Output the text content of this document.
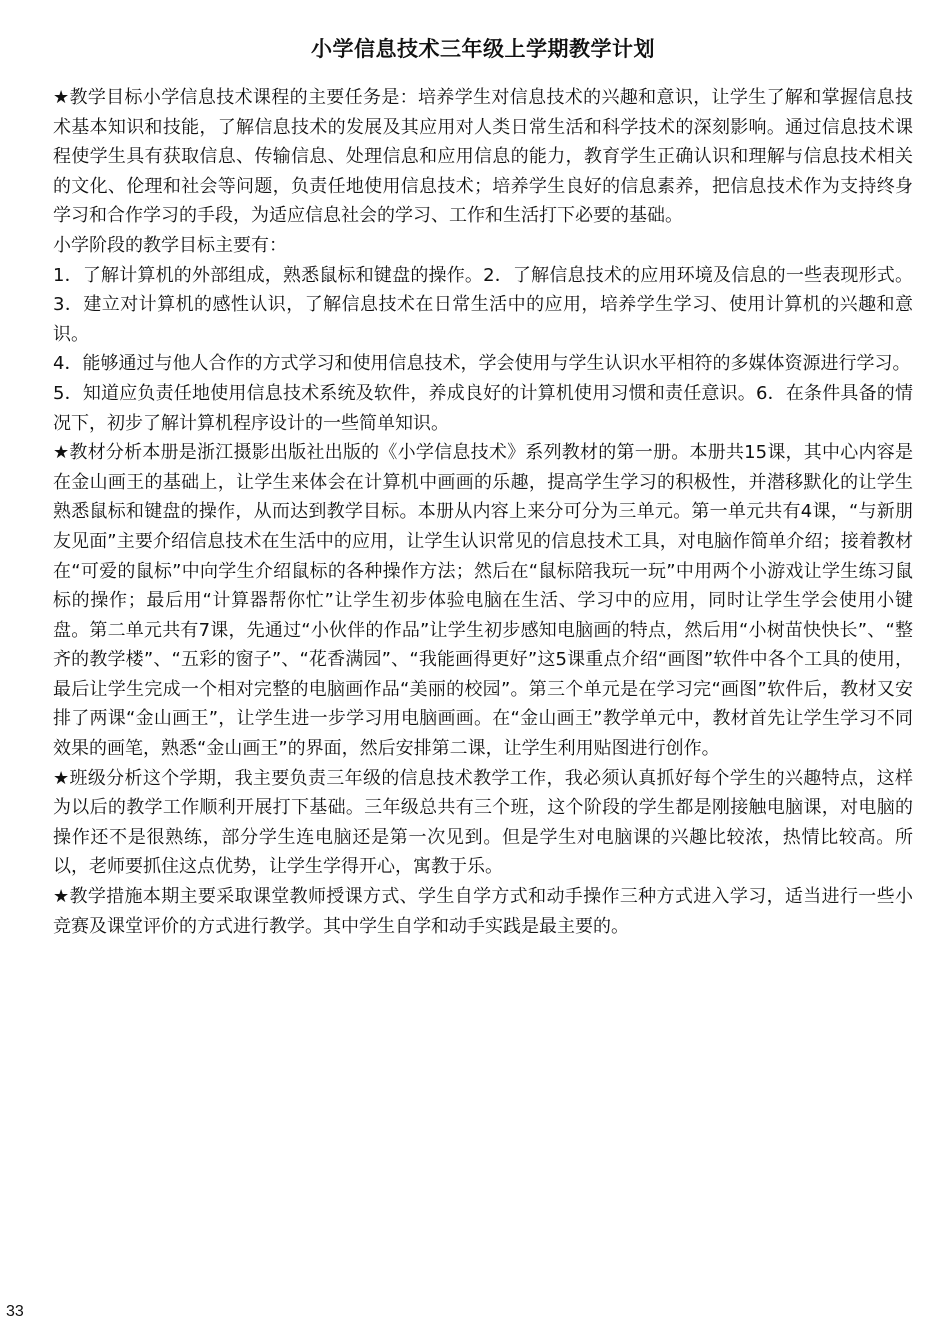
小学信息技术三年级上学期教学计划

★教学目标小学信息技术课程的主要任务是：培养学生对信息技术的兴趣和意识，让学生了解和掌握信息技术基本知识和技能，了解信息技术的发展及其应用对人类日常生活和科学技术的深刻影响。通过信息技术课程使学生具有获取信息、传输信息、处理信息和应用信息的能力，教育学生正确认识和理解与信息技术相关的文化、伦理和社会等问题，负责任地使用信息技术；培养学生良好的信息素养，把信息技术作为支持终身学习和合作学习的手段，为适应信息社会的学习、工作和生活打下必要的基础。

小学阶段的教学目标主要有：

1．了解计算机的外部组成，熟悉鼠标和键盘的操作。2．了解信息技术的应用环境及信息的一些表现形式。3．建立对计算机的感性认识，了解信息技术在日常生活中的应用，培养学生学习、使用计算机的兴趣和意识。

4．能够通过与他人合作的方式学习和使用信息技术，学会使用与学生认识水平相符的多媒体资源进行学习。

5．知道应负责任地使用信息技术系统及软件，养成良好的计算机使用习惯和责任意识。6．在条件具备的情况下，初步了解计算机程序设计的一些简单知识。

★教材分析本册是浙江摄影出版社出版的《小学信息技术》系列教材的第一册。本册共15课，其中心内容是在金山画王的基础上，让学生来体会在计算机中画画的乐趣，提高学生学习的积极性，并潜移默化的让学生熟悉鼠标和键盘的操作，从而达到教学目标。本册从内容上来分可分为三单元。第一单元共有4课，“与新朋友见面”主要介绍信息技术在生活中的应用，让学生认识常见的信息技术工具，对电脑作简单介绍；接着教材在“可爱的鼠标”中向学生介绍鼠标的各种操作方法；然后在“鼠标陪我玩一玩”中用两个小游戏让学生练习鼠标的操作；最后用“计算器帮你忙”让学生初步体验电脑在生活、学习中的应用，同时让学生学会使用小键盘。第二单元共有7课，先通过“小伙伴的作品”让学生初步感知电脑画的特点，然后用“小树苗快快长”、“整齐的教学楼”、“五彩的窗子”、“花香满园”、“我能画得更好”这5课重点介绍“画图”软件中各个工具的使用，最后让学生完成一个相对完整的电脑画作品“美丽的校园”。第三个单元是在学习完“画图”软件后，教材又安排了两课“金山画王”，让学生进一步学习用电脑画画。在“金山画王”教学单元中，教材首先让学生学习不同效果的画笔，熟悉“金山画王”的界面，然后安排第二课，让学生利用贴图进行创作。

★班级分析这个学期，我主要负责三年级的信息技术教学工作，我必须认真抓好每个学生的兴趣特点，这样为以后的教学工作顺利开展打下基础。三年级总共有三个班，这个阶段的学生都是刚接触电脑课，对电脑的操作还不是很熟练，部分学生连电脑还是第一次见到。但是学生对电脑课的兴趣比较浓，热情比较高。所以，老师要抓住这点优势，让学生学得开心，寓教于乐。

★教学措施本期主要采取课堂教师授课方式、学生自学方式和动手操作三种方式进入学习，适当进行一些小竞赛及课堂评价的方式进行教学。其中学生自学和动手实践是最主要的。

33
